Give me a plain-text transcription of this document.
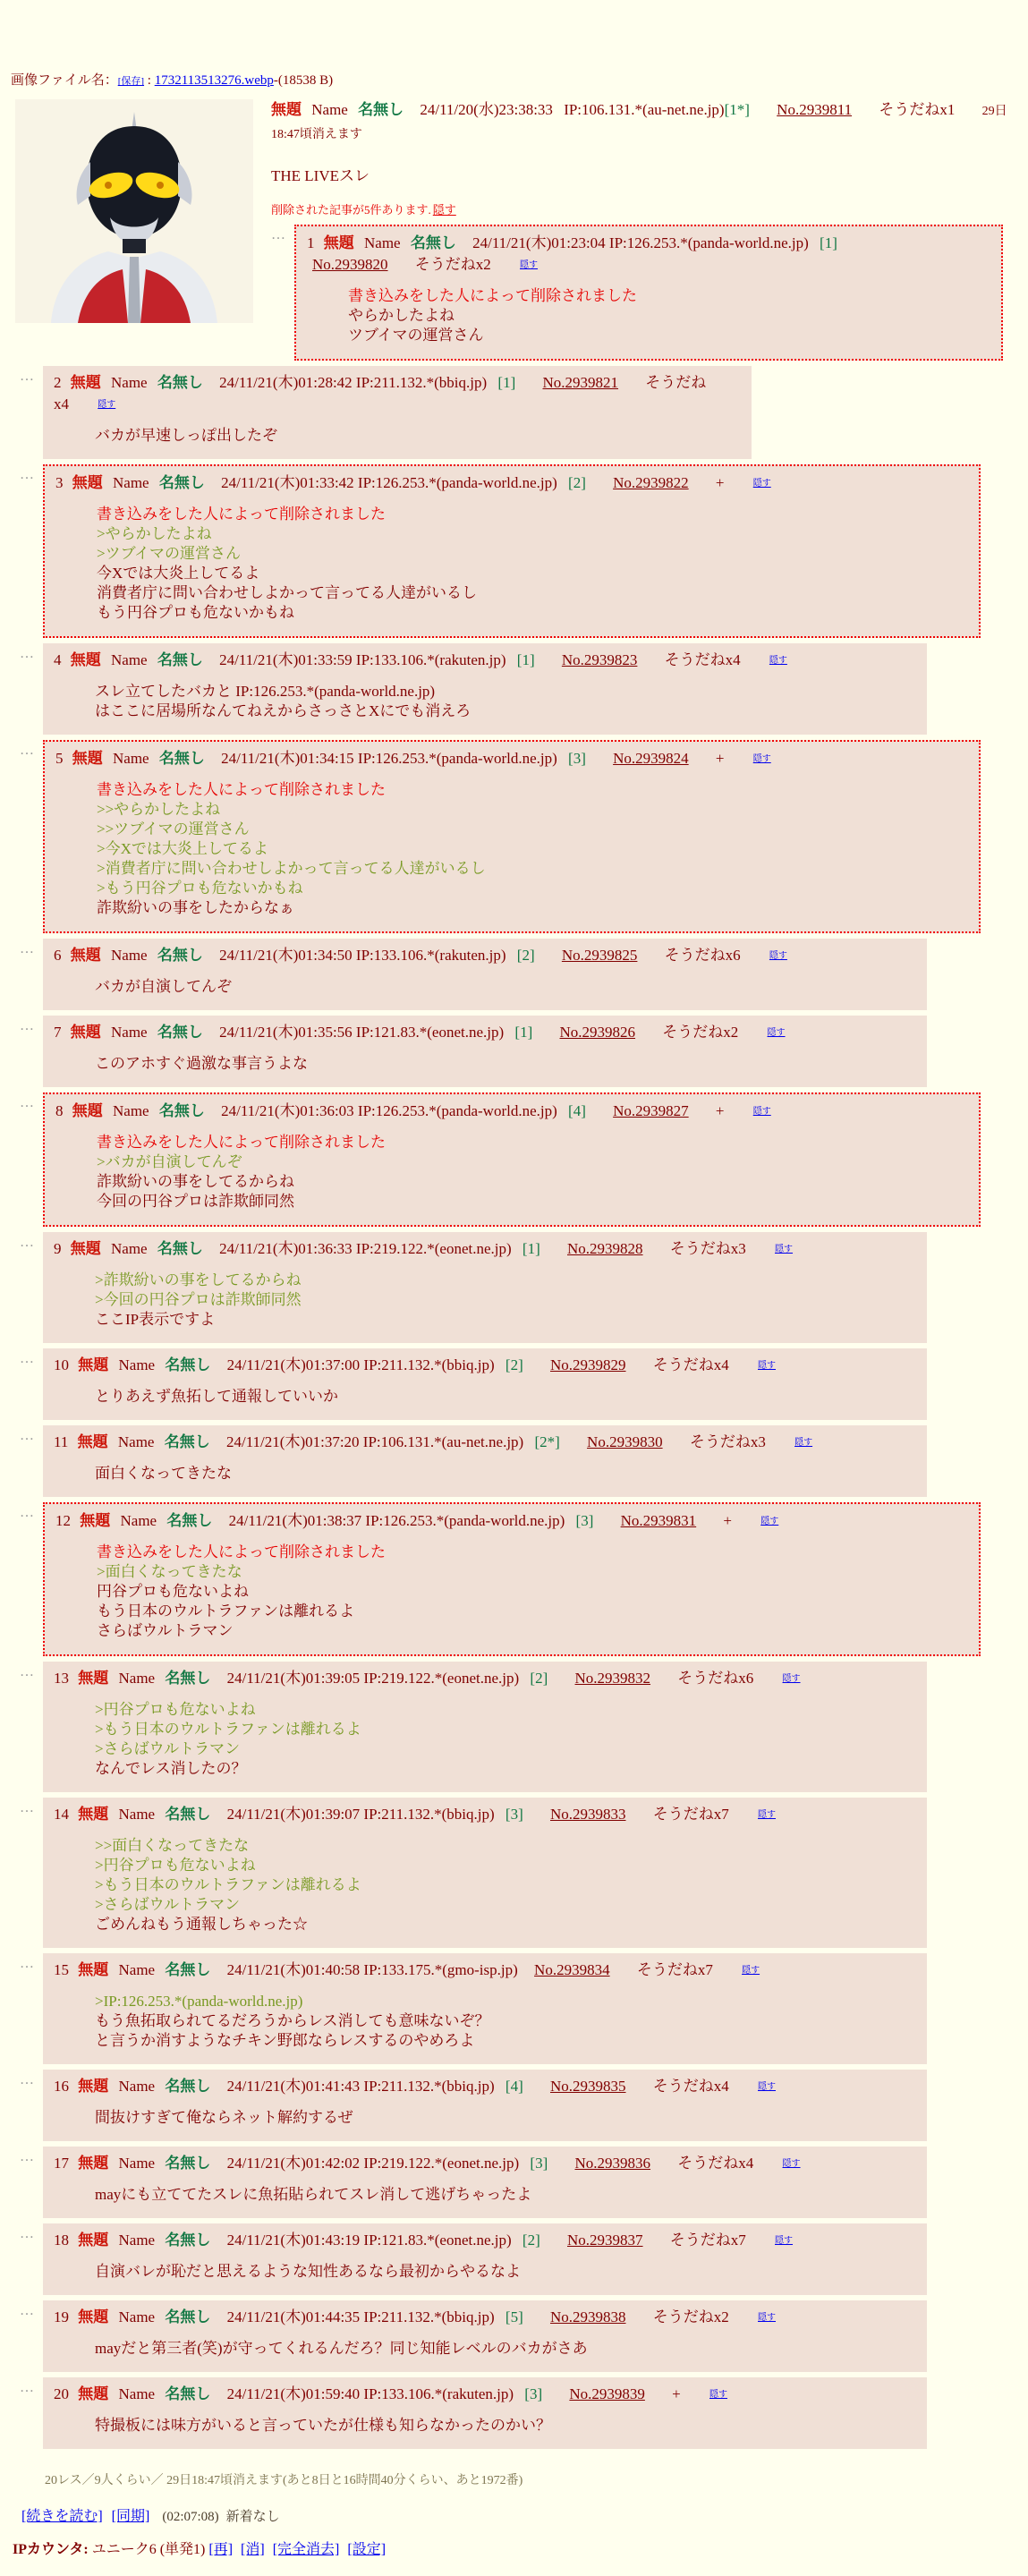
画像ファイル名：[保存] : 1732113513276.webp-(18538 B)
無題 Name 名無し 24/11/20(水)23:38:33 IP:106.131.*(au-net.ne.jp)[1*] No.2939811 そうだねx1 29日18:47頃消えます
THE LIVEスレ
削除された記事が5件あります. 隠す
… 1 無題 Name 名無し 24/11/21(木)01:23:04 IP:126.253.*(panda-world.ne.jp) [1] No.2939820 そうだねx2	隠す
書き込みをした人によって削除されました
やらかしたよね
ツブイマの運営さん
… 2 無題 Name 名無し 24/11/21(木)01:28:42 IP:211.132.*(bbiq.jp) [1] No.2939821 そうだねx4	隠す
バカが早速しっぽ出したぞ
… 3 無題 Name 名無し 24/11/21(木)01:33:42 IP:126.253.*(panda-world.ne.jp) [2] No.2939822 +	隠す
書き込みをした人によって削除されました
>やらかしたよね
>ツブイマの運営さん
今Xでは大炎上してるよ
消費者庁に問い合わせしよかって言ってる人達がいるし
もう円谷プロも危ないかもね
… 4 無題 Name 名無し 24/11/21(木)01:33:59 IP:133.106.*(rakuten.jp) [1] No.2939823 そうだねx4	隠す
スレ立てしたバカと IP:126.253.*(panda-world.ne.jp)
はここに居場所なんてねえからさっさとXにでも消えろ
… 5 無題 Name 名無し 24/11/21(木)01:34:15 IP:126.253.*(panda-world.ne.jp) [3] No.2939824 +	隠す
書き込みをした人によって削除されました
>>やらかしたよね
>>ツブイマの運営さん
>今Xでは大炎上してるよ
>消費者庁に問い合わせしよかって言ってる人達がいるし
>もう円谷プロも危ないかもね
詐欺紛いの事をしたからなぁ
… 6 無題 Name 名無し 24/11/21(木)01:34:50 IP:133.106.*(rakuten.jp) [2] No.2939825 そうだねx6	隠す
バカが自演してんぞ
… 7 無題 Name 名無し 24/11/21(木)01:35:56 IP:121.83.*(eonet.ne.jp) [1] No.2939826 そうだねx2	隠す
このアホすぐ過激な事言うよな
… 8 無題 Name 名無し 24/11/21(木)01:36:03 IP:126.253.*(panda-world.ne.jp) [4] No.2939827 +	隠す
書き込みをした人によって削除されました
>バカが自演してんぞ
詐欺紛いの事をしてるからね
今回の円谷プロは詐欺師同然
… 9 無題 Name 名無し 24/11/21(木)01:36:33 IP:219.122.*(eonet.ne.jp) [1] No.2939828 そうだねx3	隠す
>詐欺紛いの事をしてるからね
>今回の円谷プロは詐欺師同然
ここIP表示ですよ
… 10 無題 Name 名無し 24/11/21(木)01:37:00 IP:211.132.*(bbiq.jp) [2] No.2939829 そうだねx4	隠す
とりあえず魚拓して通報していいか
… 11 無題 Name 名無し 24/11/21(木)01:37:20 IP:106.131.*(au-net.ne.jp) [2*] No.2939830 そうだねx3	隠す
面白くなってきたな
… 12 無題 Name 名無し 24/11/21(木)01:38:37 IP:126.253.*(panda-world.ne.jp) [3] No.2939831 +	隠す
書き込みをした人によって削除されました
>面白くなってきたな
円谷プロも危ないよね
もう日本のウルトラファンは離れるよ
さらばウルトラマン
… 13 無題 Name 名無し 24/11/21(木)01:39:05 IP:219.122.*(eonet.ne.jp) [2] No.2939832 そうだねx6	隠す
>円谷プロも危ないよね
>もう日本のウルトラファンは離れるよ
>さらばウルトラマン
なんでレス消したの？
… 14 無題 Name 名無し 24/11/21(木)01:39:07 IP:211.132.*(bbiq.jp) [3] No.2939833 そうだねx7	隠す
>>面白くなってきたな
>円谷プロも危ないよね
>もう日本のウルトラファンは離れるよ
>さらばウルトラマン
ごめんねもう通報しちゃった☆
… 15 無題 Name 名無し 24/11/21(木)01:40:58 IP:133.175.*(gmo-isp.jp) No.2939834 そうだねx7	隠す
>IP:126.253.*(panda-world.ne.jp)
もう魚拓取られてるだろうからレス消しても意味ないぞ？
と言うか消すようなチキン野郎ならレスするのやめろよ
… 16 無題 Name 名無し 24/11/21(木)01:41:43 IP:211.132.*(bbiq.jp) [4] No.2939835 そうだねx4	隠す
間抜けすぎて俺ならネット解約するぜ
… 17 無題 Name 名無し 24/11/21(木)01:42:02 IP:219.122.*(eonet.ne.jp) [3] No.2939836 そうだねx4	隠す
mayにも立ててたスレに魚拓貼られてスレ消して逃げちゃったよ
… 18 無題 Name 名無し 24/11/21(木)01:43:19 IP:121.83.*(eonet.ne.jp) [2] No.2939837 そうだねx7	隠す
自演バレが恥だと思えるような知性あるなら最初からやるなよ
… 19 無題 Name 名無し 24/11/21(木)01:44:35 IP:211.132.*(bbiq.jp) [5] No.2939838 そうだねx2	隠す
mayだと第三者(笑)が守ってくれるんだろ？同じ知能レベルのバカがさあ
… 20 無題 Name 名無し 24/11/21(木)01:59:40 IP:133.106.*(rakuten.jp) [3] No.2939839 +	隠す
特撮板には味方がいると言っていたが仕様も知らなかったのかい？
20レス／9人くらい／ 29日18:47頃消えます(あと8日と16時間40分くらい、あと1972番)
[続きを読む] [同期] (02:07:08) 新着なし
IPカウンタ: ユニーク6 (単発1) [再] [消] [完全消去] [設定]
